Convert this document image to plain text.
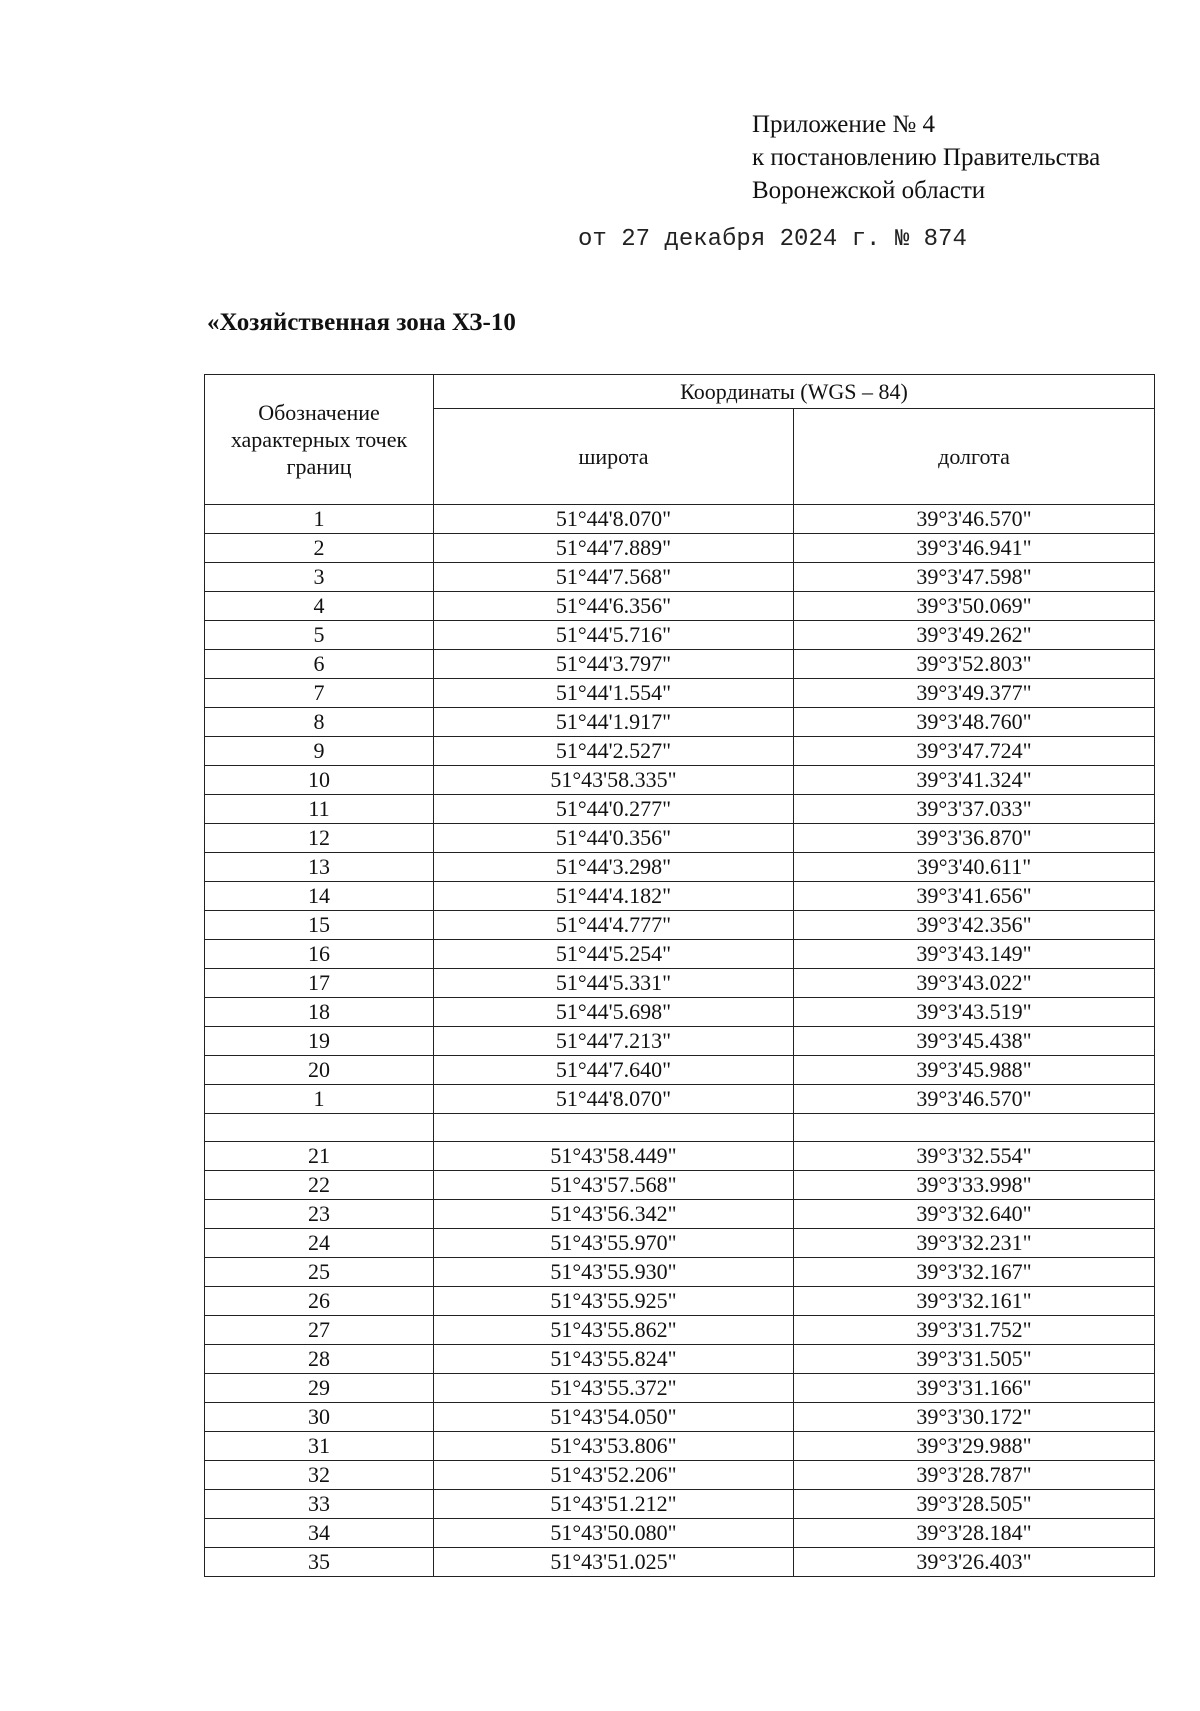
Приложение № 4
к постановлению Правительства
Воронежской области
от 27 декабря 2024 г. № 874
«Хозяйственная зона ХЗ-10
Обозначение характерных точек границ	Координаты (WGS – 84)	
	широта	долгота
1	51°44'8.070"	39°3'46.570"
2	51°44'7.889"	39°3'46.941"
3	51°44'7.568"	39°3'47.598"
4	51°44'6.356"	39°3'50.069"
5	51°44'5.716"	39°3'49.262"
6	51°44'3.797"	39°3'52.803"
7	51°44'1.554"	39°3'49.377"
8	51°44'1.917"	39°3'48.760"
9	51°44'2.527"	39°3'47.724"
10	51°43'58.335"	39°3'41.324"
11	51°44'0.277"	39°3'37.033"
12	51°44'0.356"	39°3'36.870"
13	51°44'3.298"	39°3'40.611"
14	51°44'4.182"	39°3'41.656"
15	51°44'4.777"	39°3'42.356"
16	51°44'5.254"	39°3'43.149"
17	51°44'5.331"	39°3'43.022"
18	51°44'5.698"	39°3'43.519"
19	51°44'7.213"	39°3'45.438"
20	51°44'7.640"	39°3'45.988"
1	51°44'8.070"	39°3'46.570"

21	51°43'58.449"	39°3'32.554"
22	51°43'57.568"	39°3'33.998"
23	51°43'56.342"	39°3'32.640"
24	51°43'55.970"	39°3'32.231"
25	51°43'55.930"	39°3'32.167"
26	51°43'55.925"	39°3'32.161"
27	51°43'55.862"	39°3'31.752"
28	51°43'55.824"	39°3'31.505"
29	51°43'55.372"	39°3'31.166"
30	51°43'54.050"	39°3'30.172"
31	51°43'53.806"	39°3'29.988"
32	51°43'52.206"	39°3'28.787"
33	51°43'51.212"	39°3'28.505"
34	51°43'50.080"	39°3'28.184"
35	51°43'51.025"	39°3'26.403"
